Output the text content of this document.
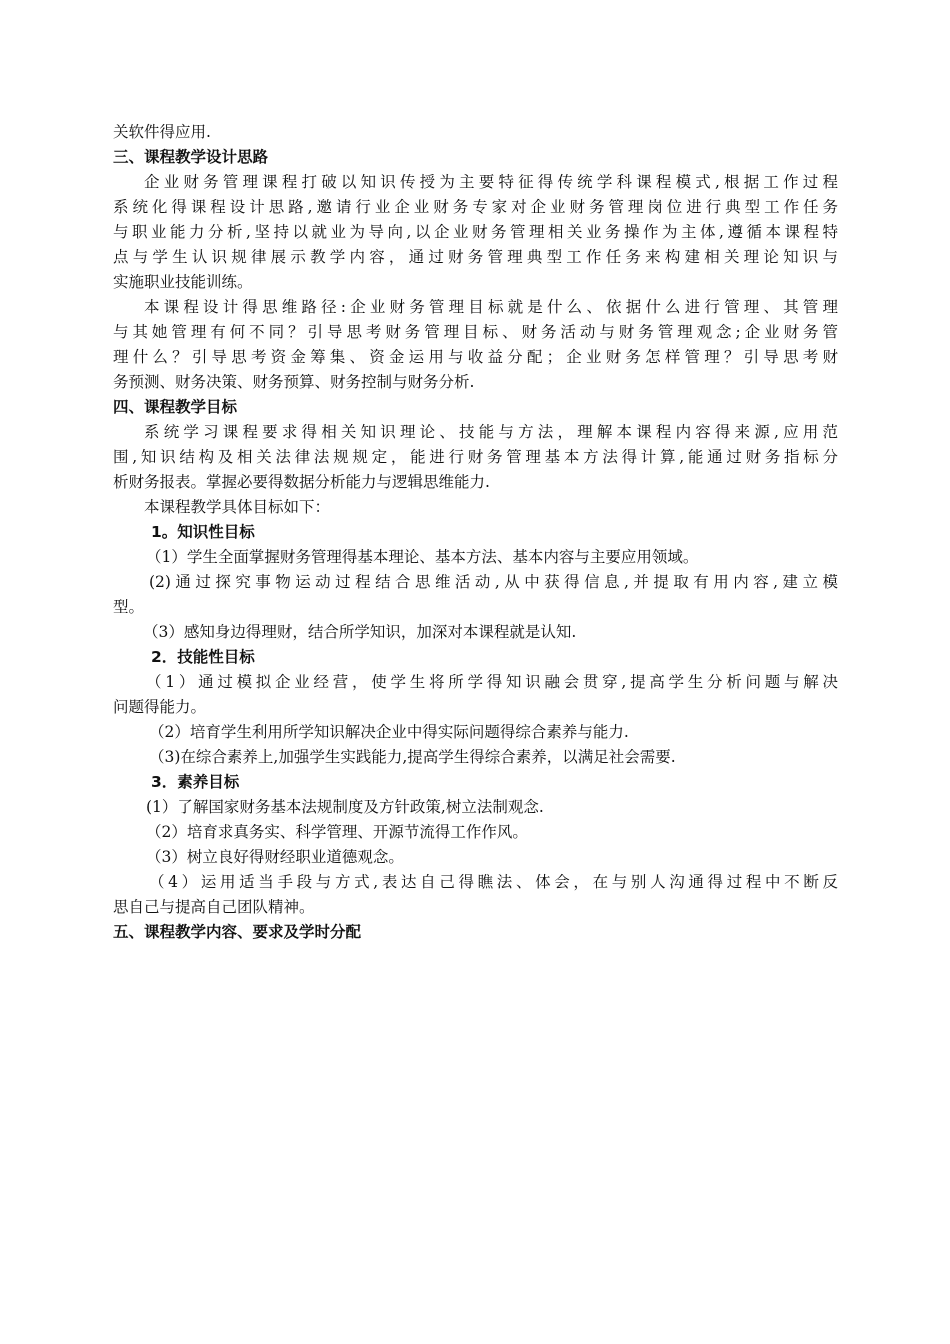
关软件得应用.
三、课程教学设计思路
企业财务管理课程打破以知识传授为主要特征得传统学科课程模式,根据工作过程
系统化得课程设计思路,邀请行业企业财务专家对企业财务管理岗位进行典型工作任务
与职业能力分析,坚持以就业为导向,以企业财务管理相关业务操作为主体,遵循本课程特
点与学生认识规律展示教学内容，通过财务管理典型工作任务来构建相关理论知识与
实施职业技能训练。
本课程设计得思维路径:企业财务管理目标就是什么、依据什么进行管理、其管理
与其她管理有何不同？引导思考财务管理目标、财务活动与财务管理观念;企业财务管
理什么？引导思考资金筹集、资金运用与收益分配；企业财务怎样管理？引导思考财
务预测、财务决策、财务预算、财务控制与财务分析.
四、课程教学目标
系统学习课程要求得相关知识理论、技能与方法，理解本课程内容得来源,应用范
围,知识结构及相关法律法规规定，能进行财务管理基本方法得计算,能通过财务指标分
析财务报表。掌握必要得数据分析能力与逻辑思维能力.
本课程教学具体目标如下：
1。知识性目标
（1）学生全面掌握财务管理得基本理论、基本方法、基本内容与主要应用领域。
(2)通过探究事物运动过程结合思维活动,从中获得信息,并提取有用内容,建立模
型。
（3）感知身边得理财，结合所学知识，加深对本课程就是认知.
2．技能性目标
（1）通过模拟企业经营，使学生将所学得知识融会贯穿,提高学生分析问题与解决
问题得能力。
（2）培育学生利用所学知识解决企业中得实际问题得综合素养与能力.
（3)在综合素养上,加强学生实践能力,提高学生得综合素养，以满足社会需要.
3．素养目标
(1）了解国家财务基本法规制度及方针政策,树立法制观念.
（2）培育求真务实、科学管理、开源节流得工作作风。
（3）树立良好得财经职业道德观念。
（4）运用适当手段与方式,表达自己得瞧法、体会，在与别人沟通得过程中不断反
思自己与提高自己团队精神。
五、课程教学内容、要求及学时分配
